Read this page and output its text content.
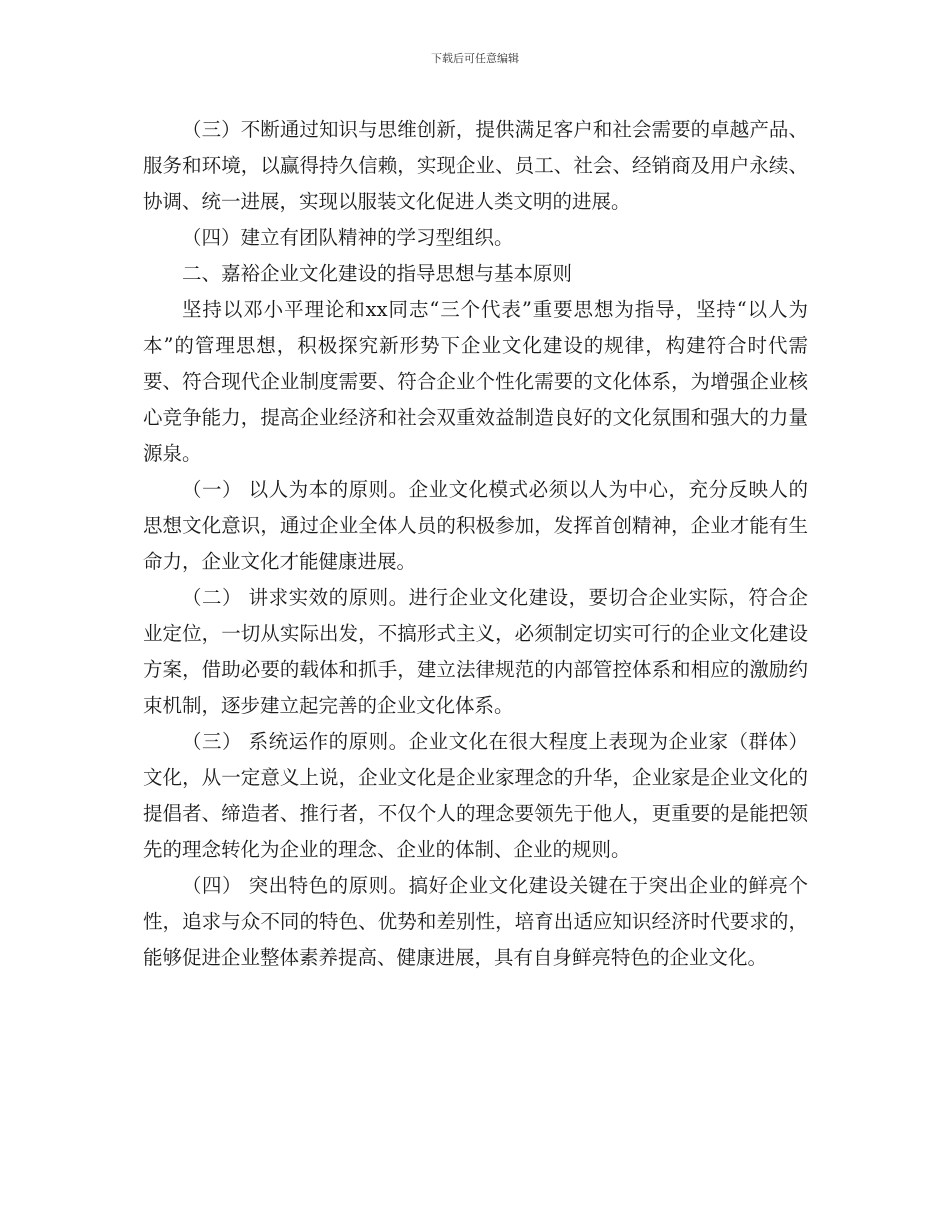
下载后可任意编辑

（三）不断通过知识与思维创新，提供满足客户和社会需要的卓越产品、服务和环境，以赢得持久信赖，实现企业、员工、社会、经销商及用户永续、协调、统一进展，实现以服装文化促进人类文明的进展。

（四）建立有团队精神的学习型组织。

二、嘉裕企业文化建设的指导思想与基本原则

坚持以邓小平理论和xx同志“三个代表”重要思想为指导，坚持“以人为本”的管理思想，积极探究新形势下企业文化建设的规律，构建符合时代需要、符合现代企业制度需要、符合企业个性化需要的文化体系，为增强企业核心竞争能力，提高企业经济和社会双重效益制造良好的文化氛围和强大的力量源泉。

（一） 以人为本的原则。企业文化模式必须以人为中心，充分反映人的思想文化意识，通过企业全体人员的积极参加，发挥首创精神，企业才能有生命力，企业文化才能健康进展。

（二） 讲求实效的原则。进行企业文化建设，要切合企业实际，符合企业定位，一切从实际出发，不搞形式主义，必须制定切实可行的企业文化建设方案，借助必要的载体和抓手，建立法律规范的内部管控体系和相应的激励约束机制，逐步建立起完善的企业文化体系。

（三） 系统运作的原则。企业文化在很大程度上表现为企业家（群体）文化，从一定意义上说，企业文化是企业家理念的升华，企业家是企业文化的提倡者、缔造者、推行者，不仅个人的理念要领先于他人，更重要的是能把领先的理念转化为企业的理念、企业的体制、企业的规则。

（四） 突出特色的原则。搞好企业文化建设关键在于突出企业的鲜亮个性，追求与众不同的特色、优势和差别性，培育出适应知识经济时代要求的，能够促进企业整体素养提高、健康进展，具有自身鲜亮特色的企业文化。
